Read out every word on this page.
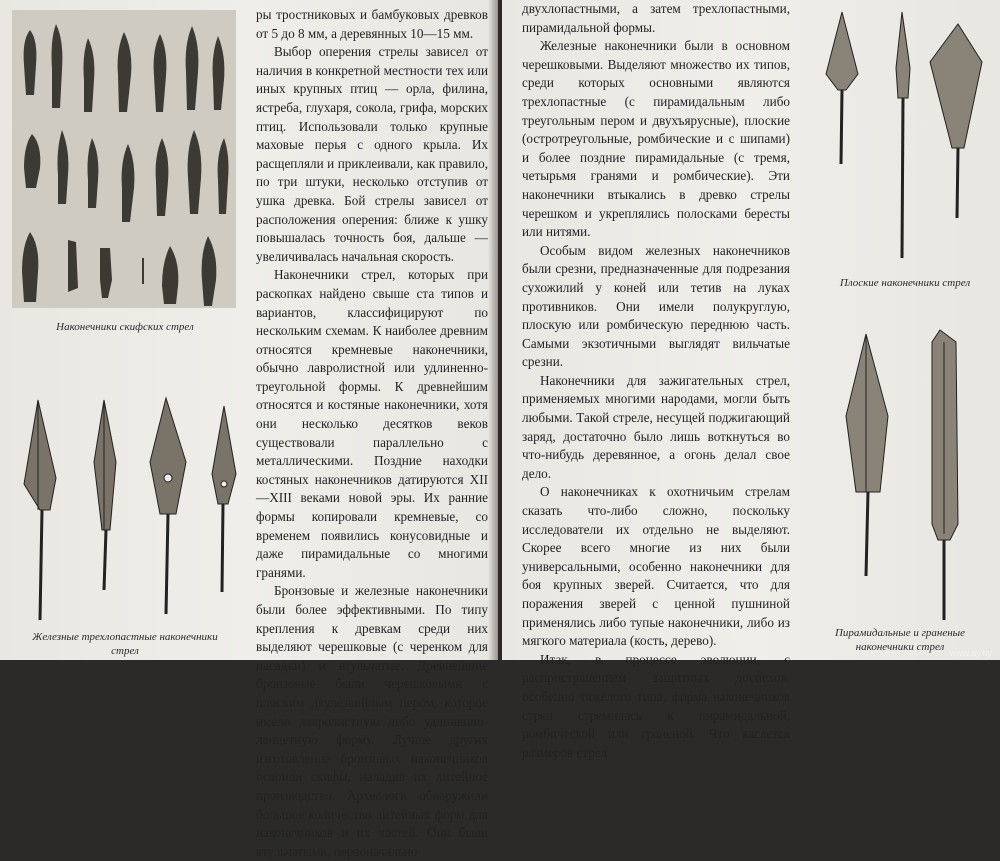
Наконечники скифских стрел
Железные трехлопастные наконечники стрел

ры тростниковых и бамбуковых древков от 5 до 8 мм, а деревянных 10—15 мм.

Выбор оперения стрелы зависел от наличия в конкретной местности тех или иных крупных птиц — орла, филина, ястреба, глухаря, сокола, грифа, морских птиц. Использовали только крупные маховые перья с одного крыла. Их расщепляли и приклеивали, как правило, по три штуки, несколько отступив от ушка древка. Бой стрелы зависел от расположения оперения: ближе к ушку повышалась точность боя, дальше — увеличивалась начальная скорость.

Наконечники стрел, которых при раскопках найдено свыше ста типов и вариантов, классифицируют по нескольким схемам. К наиболее древним относятся кремневые наконечники, обычно лавролистной или удлиненно-треугольной формы. К древнейшим относятся и костяные наконечники, хотя они несколько десятков веков существовали параллельно с металлическими. Поздние находки костяных наконечников датируются XII—XIII веками новой эры. Их ранние формы копировали кремневые, со временем появились конусовидные и даже пирамидальные со многими гранями.

Бронзовые и железные наконечники были более эффективными. По типу крепления к древкам среди них выделяют черешковые (с черенком для насадки) и втульчатые. Древнейшие бронзовые были черешковыми с плоским двулезвийным пером, которое имело лавролистную либо удлиненно-ланцетную форму. Лучше других изготовление бронзовых наконечников освоили скифы, наладив их литейное производство. Археологи обнаружили большое количество литейных форм для наконечников и их частей. Они были втульчатыми, первоначально

двухлопастными, а затем трехлопастными, пирамидальной формы.

Железные наконечники были в основном черешковыми. Выделяют множество их типов, среди которых основными являются трехлопастные (с пирамидальным либо треугольным пером и двухъярусные), плоские (остротреугольные, ромбические и с шипами) и более поздние пирамидальные (с тремя, четырьмя гранями и ромбические). Эти наконечники втыкались в древко стрелы черешком и укреплялись полосками бересты или нитями.

Особым видом железных наконечников были срезни, предназначенные для подрезания сухожилий у коней или тетив на луках противников. Они имели полукруглую, плоскую или ромбическую переднюю часть. Самыми экзотичными выглядят вильчатые срезни.

Наконечники для зажигательных стрел, применяемых многими народами, могли быть любыми. Такой стреле, несущей поджигающий заряд, достаточно было лишь воткнуться во что-нибудь деревянное, а огонь делал свое дело.

О наконечниках к охотничьим стрелам сказать что-либо сложно, поскольку исследователи их отдельно не выделяют. Скорее всего многие из них были универсальными, особенно наконечники для боя крупных зверей. Считается, что для поражения зверей с ценной пушниной применялись либо тупые наконечники, либо из мягкого материала (кость, дерево).

Итак, в процессе эволюции, с распространением защитных доспехов, особенно тяжелого типа, форма наконечников стрел стремилась к пирамидальной, ромбической или граненой. Что касается размеров стрел

Плоские наконечники стрел
Пирамидальные и граненые наконечники стрел www.ay.by
